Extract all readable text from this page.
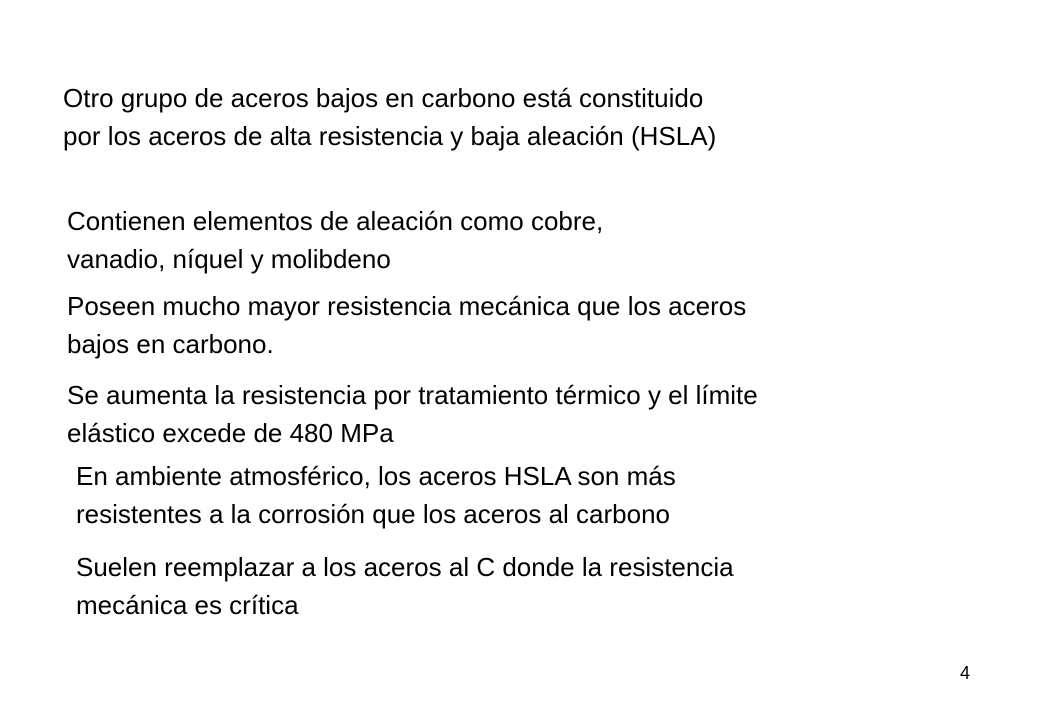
Otro grupo de aceros bajos en carbono está constituido
por los aceros de alta resistencia y baja aleación (HSLA)
Contienen elementos de aleación como cobre,
vanadio, níquel y molibdeno
Poseen mucho mayor resistencia mecánica que los aceros
bajos en carbono.
Se aumenta la resistencia por tratamiento térmico y el límite
elástico excede de 480 MPa
En ambiente atmosférico, los aceros HSLA son más
resistentes a la corrosión que los aceros al carbono
Suelen reemplazar a los aceros al C donde la resistencia
mecánica es crítica
4
